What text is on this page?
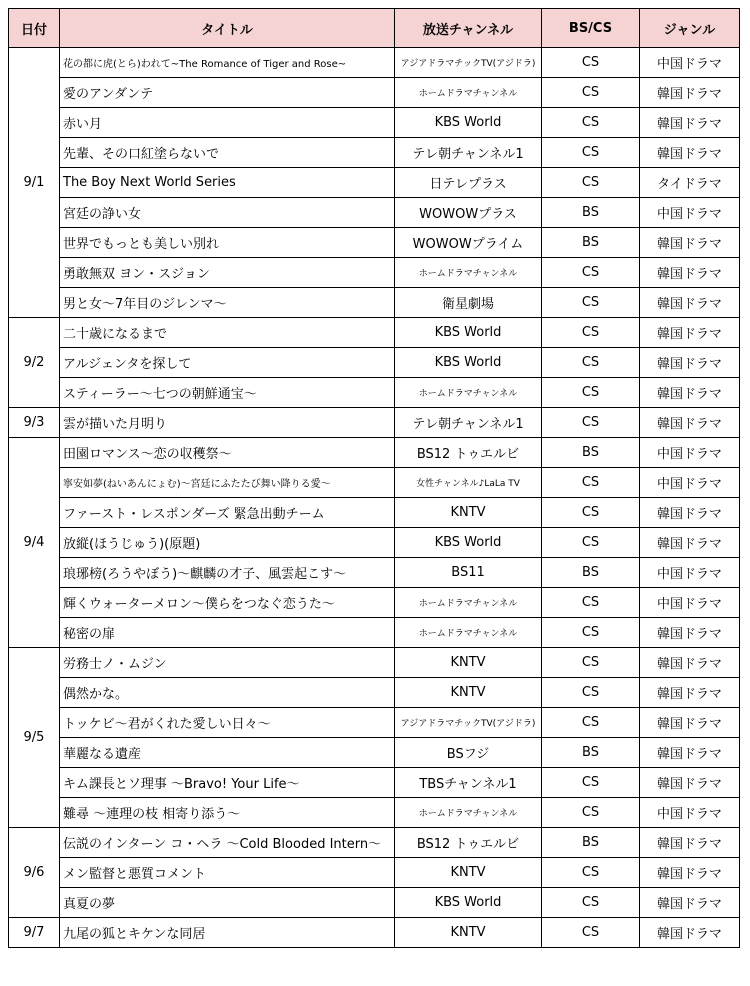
日付	タイトル	放送チャンネル	BS/CS	ジャンル
9/1	花の都に虎(とら)われて~The Romance of Tiger and Rose~	アジアドラマチックTV(アジドラ)	CS	中国ドラマ
	愛のアンダンテ	ホームドラマチャンネル	CS	韓国ドラマ
	赤い月	KBS World	CS	韓国ドラマ
	先輩、その口紅塗らないで	テレ朝チャンネル1	CS	韓国ドラマ
	The Boy Next World Series	日テレプラス	CS	タイドラマ
	宮廷の諍い女	WOWOWプラス	BS	中国ドラマ
	世界でもっとも美しい別れ	WOWOWプライム	BS	韓国ドラマ
	勇敢無双 ヨン・スジョン	ホームドラマチャンネル	CS	韓国ドラマ
	男と女～7年目のジレンマ～	衛星劇場	CS	韓国ドラマ
9/2	二十歳になるまで	KBS World	CS	韓国ドラマ
	アルジェンタを探して	KBS World	CS	韓国ドラマ
	スティーラー～七つの朝鮮通宝～	ホームドラマチャンネル	CS	韓国ドラマ
9/3	雲が描いた月明り	テレ朝チャンネル1	CS	韓国ドラマ
9/4	田園ロマンス～恋の収穫祭～	BS12 トゥエルビ	BS	中国ドラマ
	寧安如夢(ねいあんにょむ)～宮廷にふたたび舞い降りる愛～	女性チャンネル♪LaLa TV	CS	中国ドラマ
	ファースト・レスポンダーズ 緊急出動チーム	KNTV	CS	韓国ドラマ
	放縦(ほうじゅう)(原題)	KBS World	CS	韓国ドラマ
	琅琊榜(ろうやぼう)～麒麟の才子、風雲起こす～	BS11	BS	中国ドラマ
	輝くウォーターメロン～僕らをつなぐ恋うた～	ホームドラマチャンネル	CS	中国ドラマ
	秘密の扉	ホームドラマチャンネル	CS	韓国ドラマ
9/5	労務士ノ・ムジン	KNTV	CS	韓国ドラマ
	偶然かな。	KNTV	CS	韓国ドラマ
	トッケビ～君がくれた愛しい日々～	アジアドラマチックTV(アジドラ)	CS	韓国ドラマ
	華麗なる遺産	BSフジ	BS	韓国ドラマ
	キム課長とソ理事 ～Bravo! Your Life～	TBSチャンネル1	CS	韓国ドラマ
	難尋 ～連理の枝 相寄り添う～	ホームドラマチャンネル	CS	中国ドラマ
9/6	伝説のインターン コ・ヘラ ～Cold Blooded Intern～	BS12 トゥエルビ	BS	韓国ドラマ
	メン監督と悪質コメント	KNTV	CS	韓国ドラマ
	真夏の夢	KBS World	CS	韓国ドラマ
9/7	九尾の狐とキケンな同居	KNTV	CS	韓国ドラマ
